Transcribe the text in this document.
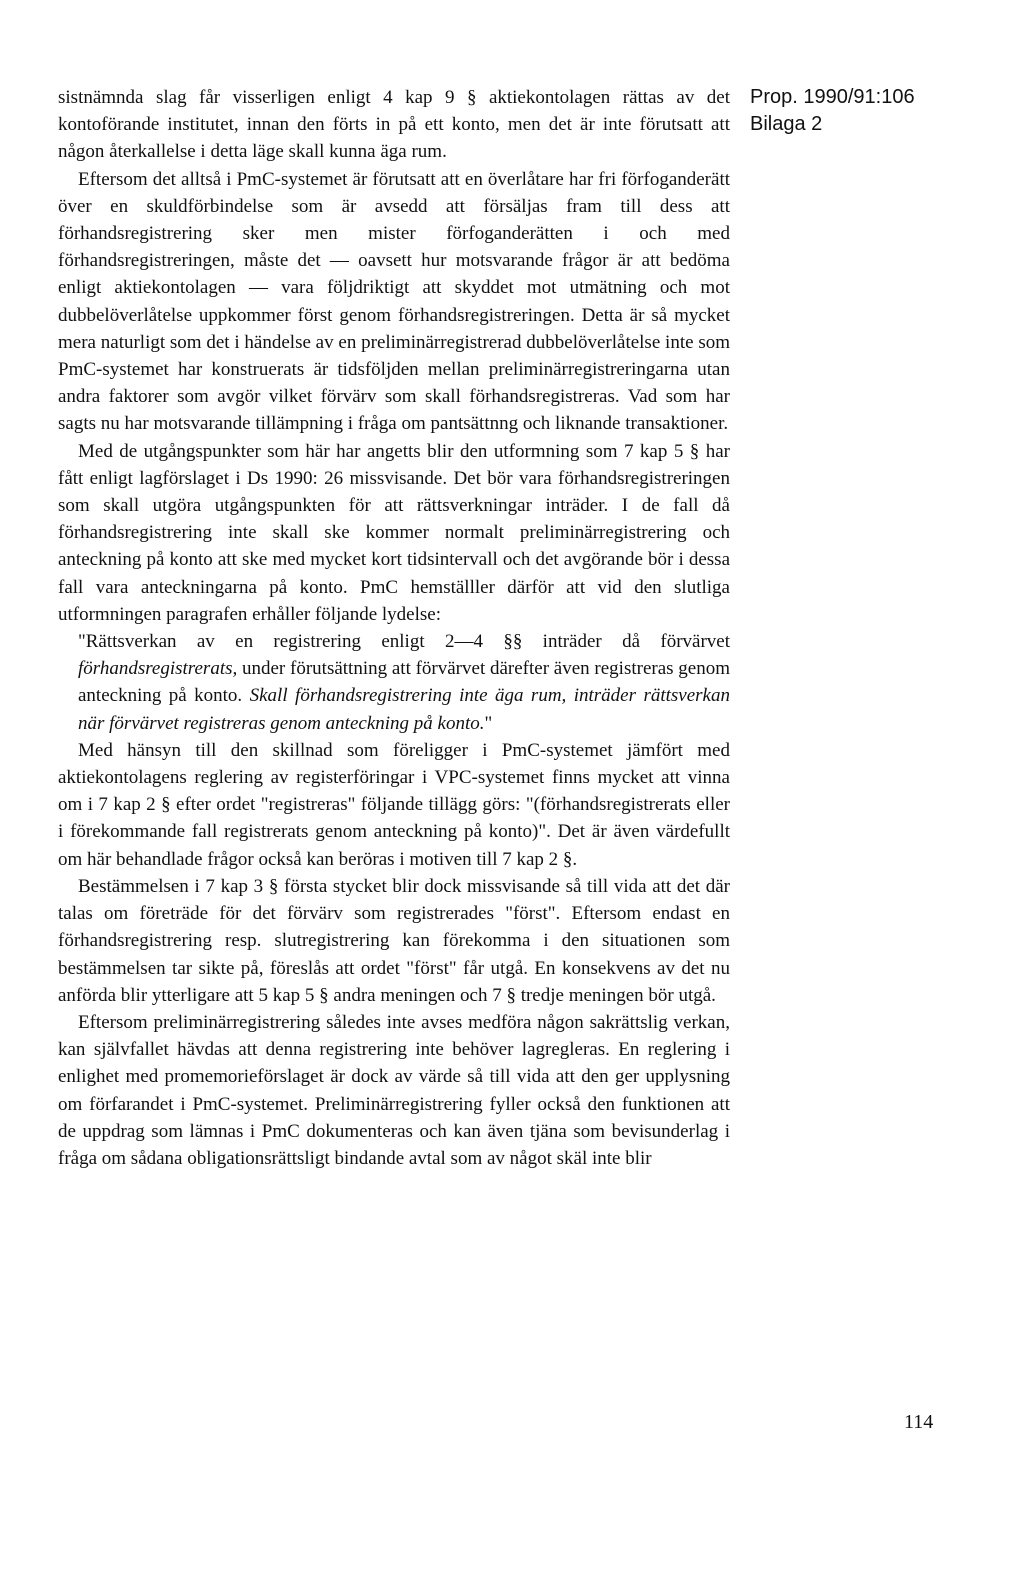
sistnämnda slag får visserligen enligt 4 kap 9 § aktiekontolagen rättas av det kontoförande institutet, innan den förts in på ett konto, men det är inte förutsatt att någon återkallelse i detta läge skall kunna äga rum.

Eftersom det alltså i PmC-systemet är förutsatt att en överlåtare har fri förfoganderätt över en skuldförbindelse som är avsedd att försäljas fram till dess att förhandsregistrering sker men mister förfoganderätten i och med förhandsregistreringen, måste det — oavsett hur motsvarande frågor är att bedöma enligt aktiekontolagen — vara följdriktigt att skyddet mot utmätning och mot dubbelöverlåtelse uppkommer först genom förhandsregistreringen. Detta är så mycket mera naturligt som det i händelse av en preliminärregistrerad dubbelöverlåtelse inte som PmC-systemet har konstruerats är tidsföljden mellan preliminärregistreringarna utan andra faktorer som avgör vilket förvärv som skall förhandsregistreras. Vad som har sagts nu har motsvarande tillämpning i fråga om pantsättnng och liknande transaktioner.

Med de utgångspunkter som här har angetts blir den utformning som 7 kap 5 § har fått enligt lagförslaget i Ds 1990: 26 missvisande. Det bör vara förhandsregistreringen som skall utgöra utgångspunkten för att rättsverkningar inträder. I de fall då förhandsregistrering inte skall ske kommer normalt preliminärregistrering och anteckning på konto att ske med mycket kort tidsintervall och det avgörande bör i dessa fall vara anteckningarna på konto. PmC hemställler därför att vid den slutliga utformningen paragrafen erhåller följande lydelse:

"Rättsverkan av en registrering enligt 2—4 §§ inträder då förvärvet förhandsregistrerats, under förutsättning att förvärvet därefter även registreras genom anteckning på konto. Skall förhandsregistrering inte äga rum, inträder rättsverkan när förvärvet registreras genom anteckning på konto."

Med hänsyn till den skillnad som föreligger i PmC-systemet jämfört med aktiekontolagens reglering av registerföringar i VPC-systemet finns mycket att vinna om i 7 kap 2 § efter ordet "registreras" följande tillägg görs: "(förhandsregistrerats eller i förekommande fall registrerats genom anteckning på konto)". Det är även värdefullt om här behandlade frågor också kan beröras i motiven till 7 kap 2 §.

Bestämmelsen i 7 kap 3 § första stycket blir dock missvisande så till vida att det där talas om företräde för det förvärv som registrerades "först". Eftersom endast en förhandsregistrering resp. slutregistrering kan förekomma i den situationen som bestämmelsen tar sikte på, föreslås att ordet "först" får utgå. En konsekvens av det nu anförda blir ytterligare att 5 kap 5 § andra meningen och 7 § tredje meningen bör utgå.

Eftersom preliminärregistrering således inte avses medföra någon sakrättslig verkan, kan självfallet hävdas att denna registrering inte behöver lagregleras. En reglering i enlighet med promemorieförslaget är dock av värde så till vida att den ger upplysning om förfarandet i PmC-systemet. Preliminärregistrering fyller också den funktionen att de uppdrag som lämnas i PmC dokumenteras och kan även tjäna som bevisunderlag i fråga om sådana obligationsrättsligt bindande avtal som av något skäl inte blir

Prop. 1990/91:106
Bilaga 2
114
